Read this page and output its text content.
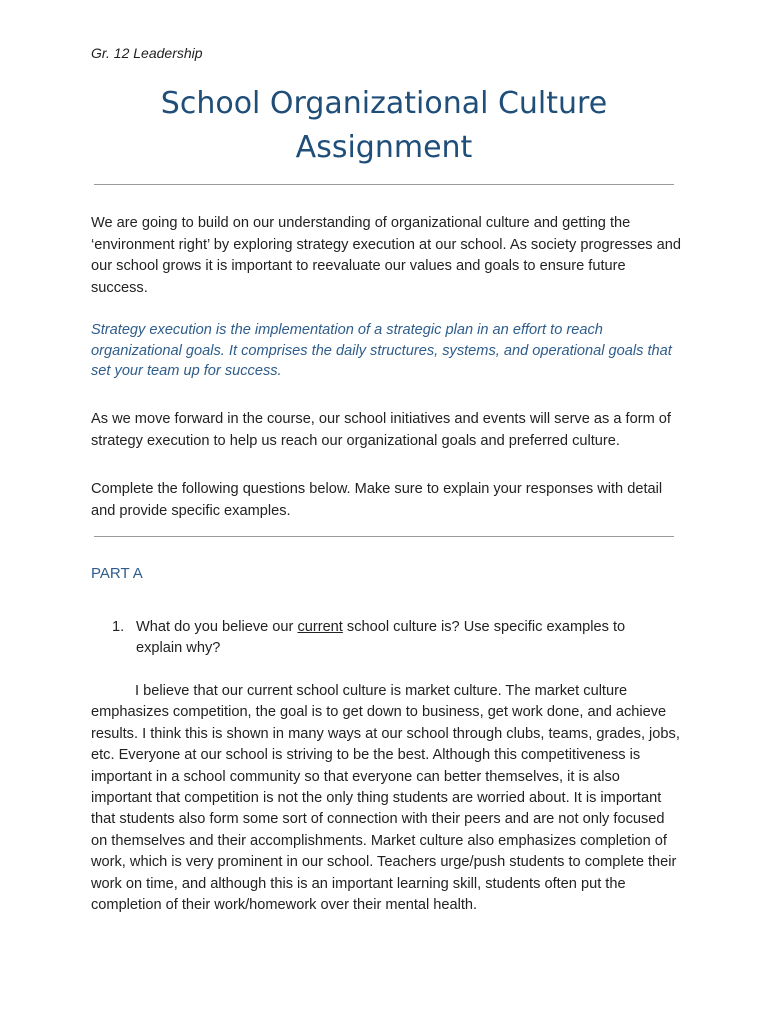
Gr. 12 Leadership
School Organizational Culture Assignment

We are going to build on our understanding of organizational culture and getting the ‘environment right’ by exploring strategy execution at our school. As society progresses and our school grows it is important to reevaluate our values and goals to ensure future success.

Strategy execution is the implementation of a strategic plan in an effort to reach organizational goals. It comprises the daily structures, systems, and operational goals that set your team up for success.

As we move forward in the course, our school initiatives and events will serve as a form of strategy execution to help us reach our organizational goals and preferred culture.

Complete the following questions below. Make sure to explain your responses with detail and provide specific examples.

PART A

1. What do you believe our current school culture is? Use specific examples to explain why?

I believe that our current school culture is market culture. The market culture emphasizes competition, the goal is to get down to business, get work done, and achieve results. I think this is shown in many ways at our school through clubs, teams, grades, jobs, etc. Everyone at our school is striving to be the best. Although this competitiveness is important in a school community so that everyone can better themselves, it is also important that competition is not the only thing students are worried about. It is important that students also form some sort of connection with their peers and are not only focused on themselves and their accomplishments. Market culture also emphasizes completion of work, which is very prominent in our school. Teachers urge/push students to complete their work on time, and although this is an important learning skill, students often put the completion of their work/homework over their mental health.
